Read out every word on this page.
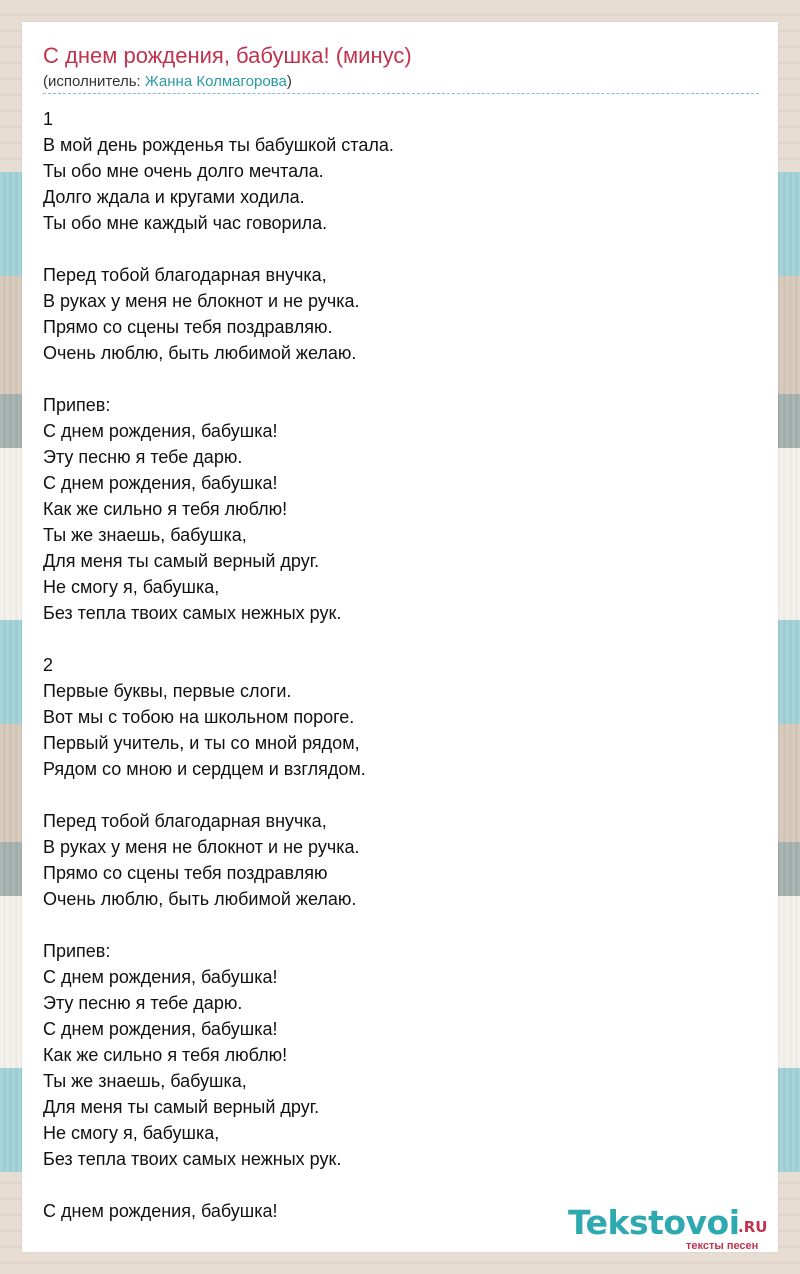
С днем рождения, бабушка! (минус)
(исполнитель: Жанна Колмагорова)
1
В мой день рожденья ты бабушкой стала.
Ты обо мне очень долго мечтала.
Долго ждала и кругами ходила.
Ты обо мне каждый час говорила.
Перед тобой благодарная внучка,
В руках у меня не блокнот и не ручка.
Прямо со сцены тебя поздравляю.
Очень люблю, быть любимой желаю.
Припев:
С днем рождения, бабушка!
Эту песню я тебе дарю.
С днем рождения, бабушка!
Как же сильно я тебя люблю!
Ты же знаешь, бабушка,
Для меня ты самый верный друг.
Не смогу я, бабушка,
Без тепла твоих самых нежных рук.
2
Первые буквы, первые слоги.
Вот мы с тобою на школьном пороге.
Первый учитель, и ты со мной рядом,
Рядом со мною и сердцем и взглядом.
Перед тобой благодарная внучка,
В руках у меня не блокнот и не ручка.
Прямо со сцены тебя поздравляю
Очень люблю, быть любимой желаю.
Припев:
С днем рождения, бабушка!
Эту песню я тебе дарю.
С днем рождения, бабушка!
Как же сильно я тебя люблю!
Ты же знаешь, бабушка,
Для меня ты самый верный друг.
Не смогу я, бабушка,
Без тепла твоих самых нежных рук.
С днем рождения, бабушка!	Tekstovoi
.RU
тексты песен
